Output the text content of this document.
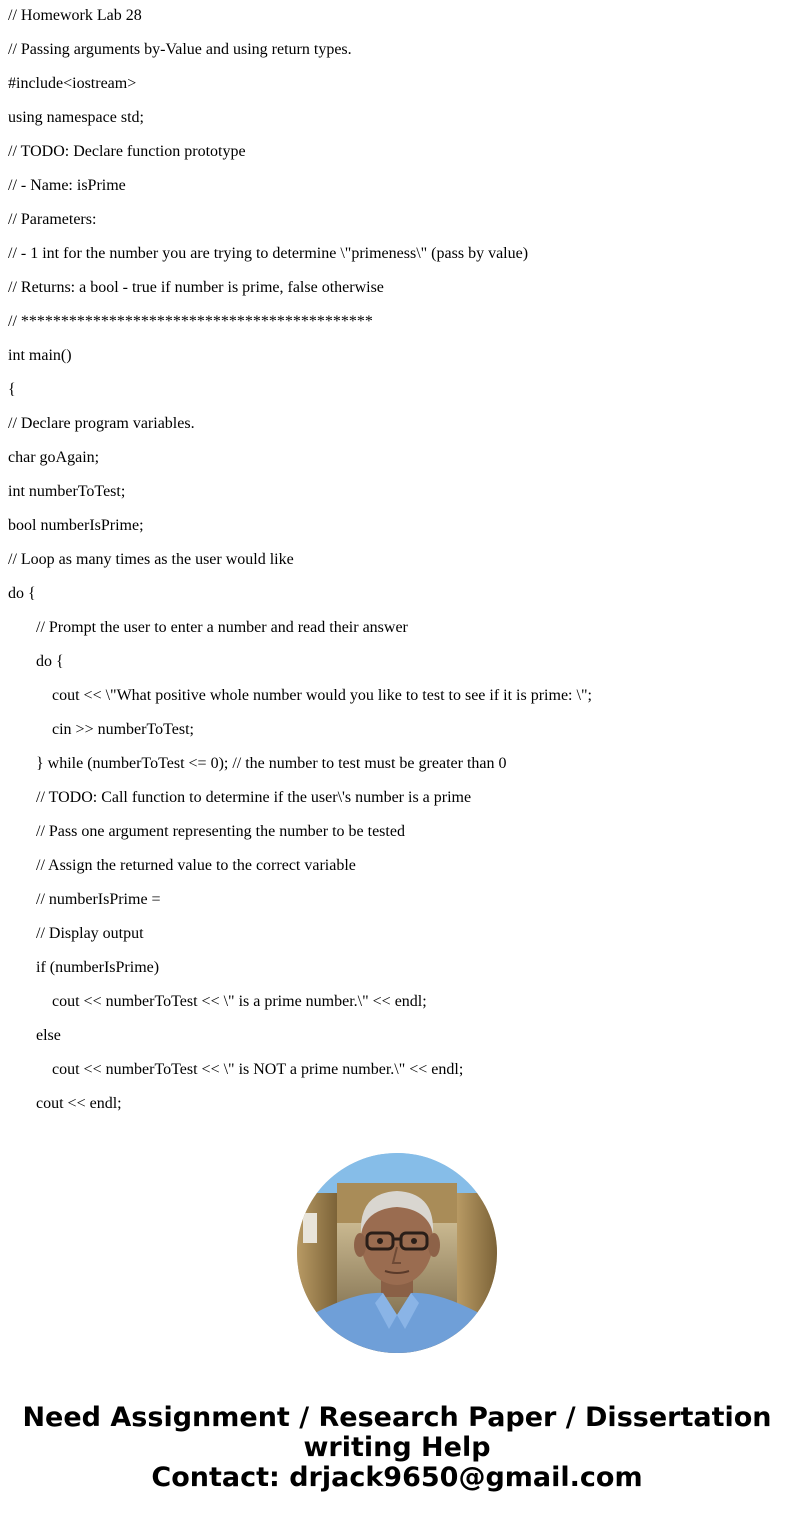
// Homework Lab 28
// Passing arguments by-Value and using return types.
#include<iostream>
using namespace std;
// TODO: Declare function prototype
// - Name: isPrime
// Parameters:
// - 1 int for the number you are trying to determine \"primeness\" (pass by value)
// Returns: a bool - true if number is prime, false otherwise
// ********************************************
int main()
{
// Declare program variables.
char goAgain;
int numberToTest;
bool numberIsPrime;
// Loop as many times as the user would like
do {
// Prompt the user to enter a number and read their answer
do {
cout << \"What positive whole number would you like to test to see if it is prime: \";
cin >> numberToTest;
} while (numberToTest <= 0); // the number to test must be greater than 0
// TODO: Call function to determine if the user\'s number is a prime
// Pass one argument representing the number to be tested
// Assign the returned value to the correct variable
// numberIsPrime =
// Display output
if (numberIsPrime)
cout << numberToTest << \" is a prime number.\" << endl;
else
cout << numberToTest << \" is NOT a prime number.\" << endl;
cout << endl;
Need Assignment / Research Paper / Dissertation
writing Help
Contact: drjack9650@gmail.com
